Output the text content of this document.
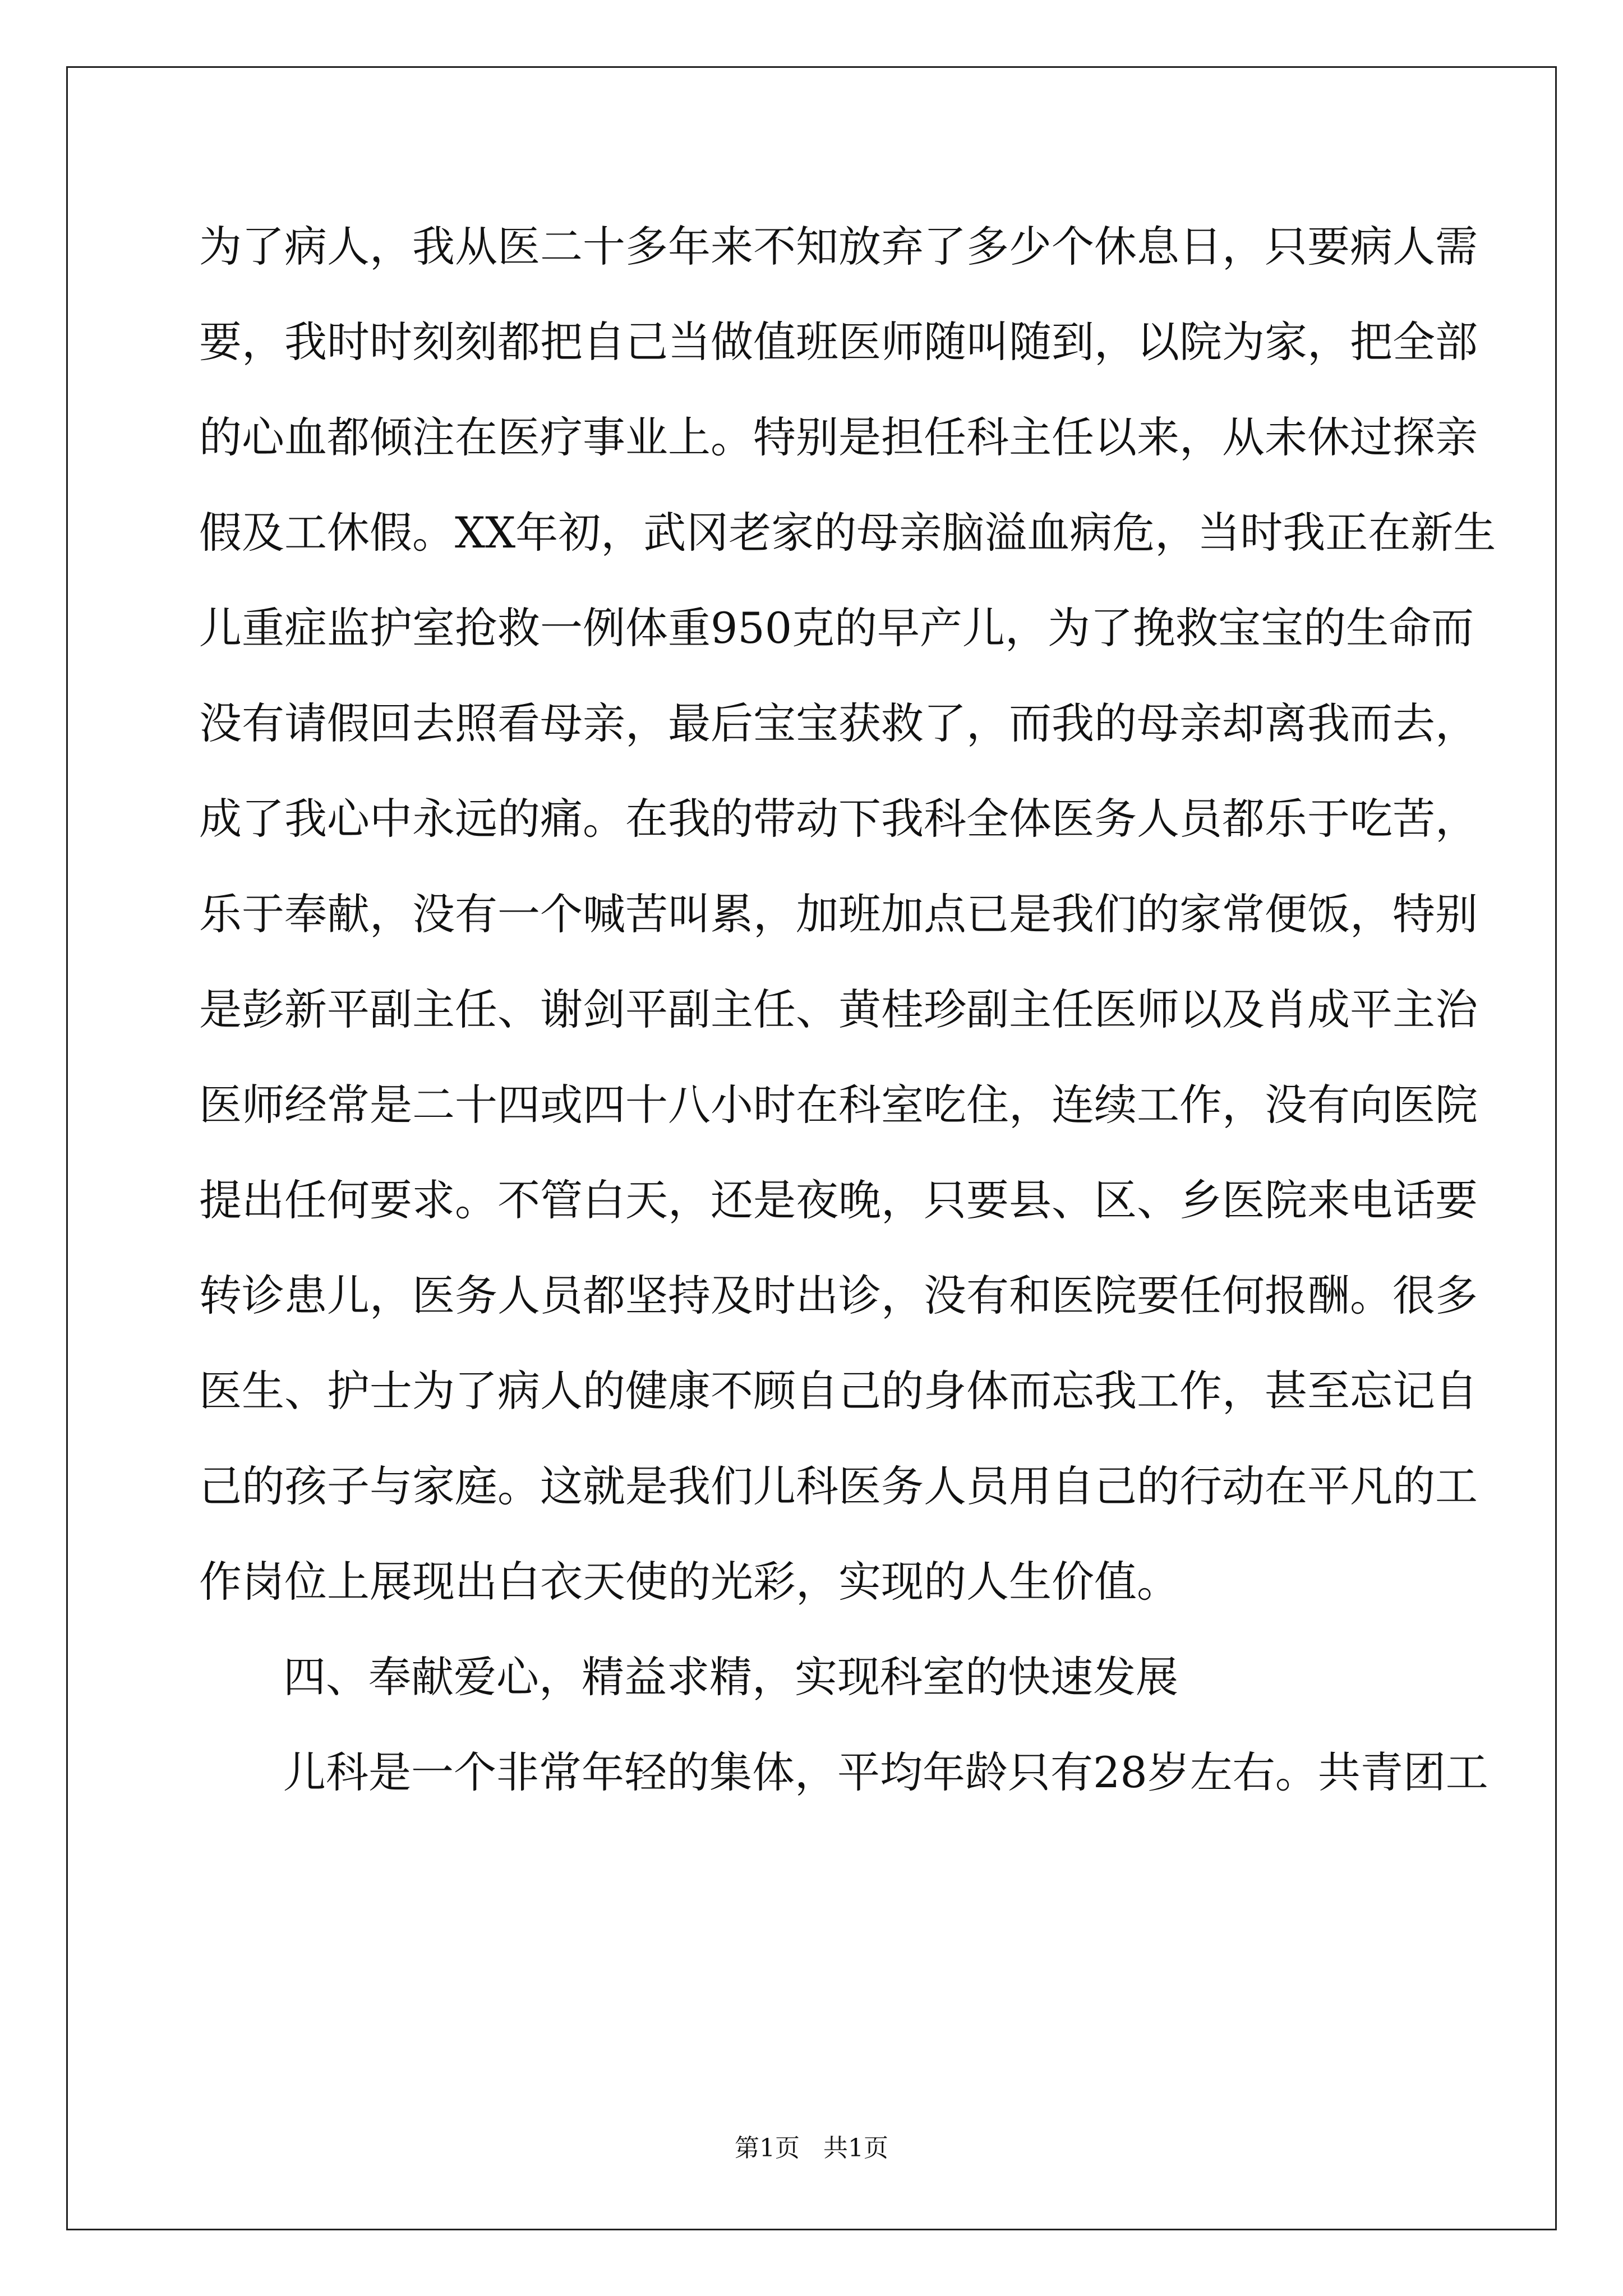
为了病人，我从医二十多年来不知放弃了多少个休息日，只要病人需
要，我时时刻刻都把自己当做值班医师随叫随到，以院为家，把全部
的心血都倾注在医疗事业上。特别是担任科主任以来，从未休过探亲
假及工休假。XX年初，武冈老家的母亲脑溢血病危，当时我正在新生
儿重症监护室抢救一例体重950克的早产儿，为了挽救宝宝的生命而
没有请假回去照看母亲，最后宝宝获救了，而我的母亲却离我而去，
成了我心中永远的痛。在我的带动下我科全体医务人员都乐于吃苦，
乐于奉献，没有一个喊苦叫累，加班加点已是我们的家常便饭，特别
是彭新平副主任、谢剑平副主任、黄桂珍副主任医师以及肖成平主治
医师经常是二十四或四十八小时在科室吃住，连续工作，没有向医院
提出任何要求。不管白天，还是夜晚，只要县、区、乡医院来电话要
转诊患儿，医务人员都坚持及时出诊，没有和医院要任何报酬。很多
医生、护士为了病人的健康不顾自己的身体而忘我工作，甚至忘记自
己的孩子与家庭。这就是我们儿科医务人员用自己的行动在平凡的工
作岗位上展现出白衣天使的光彩，实现的人生价值。
四、奉献爱心，精益求精，实现科室的快速发展
儿科是一个非常年轻的集体，平均年龄只有28岁左右。共青团工
第1页   共1页
